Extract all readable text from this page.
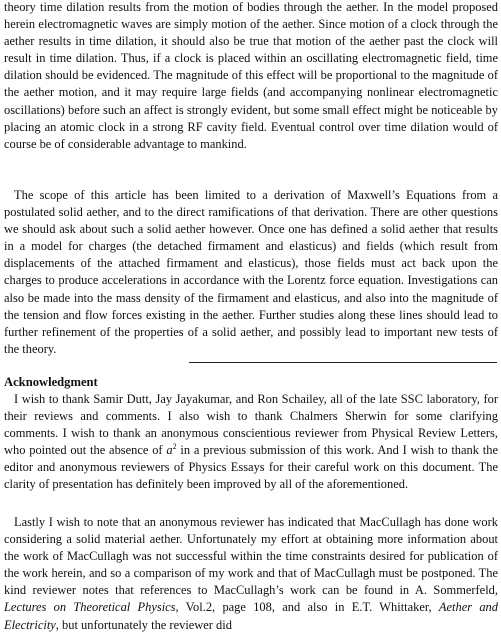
theory time dilation results from the motion of bodies through the aether. In the model proposed herein electromagnetic waves are simply motion of the aether. Since motion of a clock through the aether results in time dilation, it should also be true that motion of the aether past the clock will result in time dilation. Thus, if a clock is placed within an oscillating electromagnetic field, time dilation should be evidenced. The magnitude of this effect will be proportional to the magnitude of the aether motion, and it may require large fields (and accompanying nonlinear electromagnetic oscillations) before such an affect is strongly evident, but some small effect might be noticeable by placing an atomic clock in a strong RF cavity field. Eventual control over time dilation would of course be of considerable advantage to mankind.

The scope of this article has been limited to a derivation of Maxwell’s Equations from a postulated solid aether, and to the direct ramifications of that derivation. There are other questions we should ask about such a solid aether however. Once one has defined a solid aether that results in a model for charges (the detached firmament and elasticus) and fields (which result from displacements of the attached firmament and elasticus), those fields must act back upon the charges to produce accelerations in accordance with the Lorentz force equation. Investigations can also be made into the mass density of the firmament and elasticus, and also into the magnitude of the tension and flow forces existing in the aether. Further studies along these lines should lead to further refinement of the properties of a solid aether, and possibly lead to important new tests of the theory.

Acknowledgment

I wish to thank Samir Dutt, Jay Jayakumar, and Ron Schailey, all of the late SSC laboratory, for their reviews and comments. I also wish to thank Chalmers Sherwin for some clarifying comments. I wish to thank an anonymous conscientious reviewer from Physical Review Letters, who pointed out the absence of $a^2$ in a previous submission of this work. And I wish to thank the editor and anonymous reviewers of Physics Essays for their careful work on this document. The clarity of presentation has definitely been improved by all of the aforementioned.

Lastly I wish to note that an anonymous reviewer has indicated that MacCullagh has done work considering a solid material aether. Unfortunately my effort at obtaining more information about the work of MacCullagh was not successful within the time constraints desired for publication of the work herein, and so a comparison of my work and that of MacCullagh must be postponed. The kind reviewer notes that references to MacCullagh’s work can be found in A. Sommerfeld, Lectures on Theoretical Physics, Vol.2, page 108, and also in E.T. Whittaker, Aether and Electricity, but unfortunately the reviewer did
